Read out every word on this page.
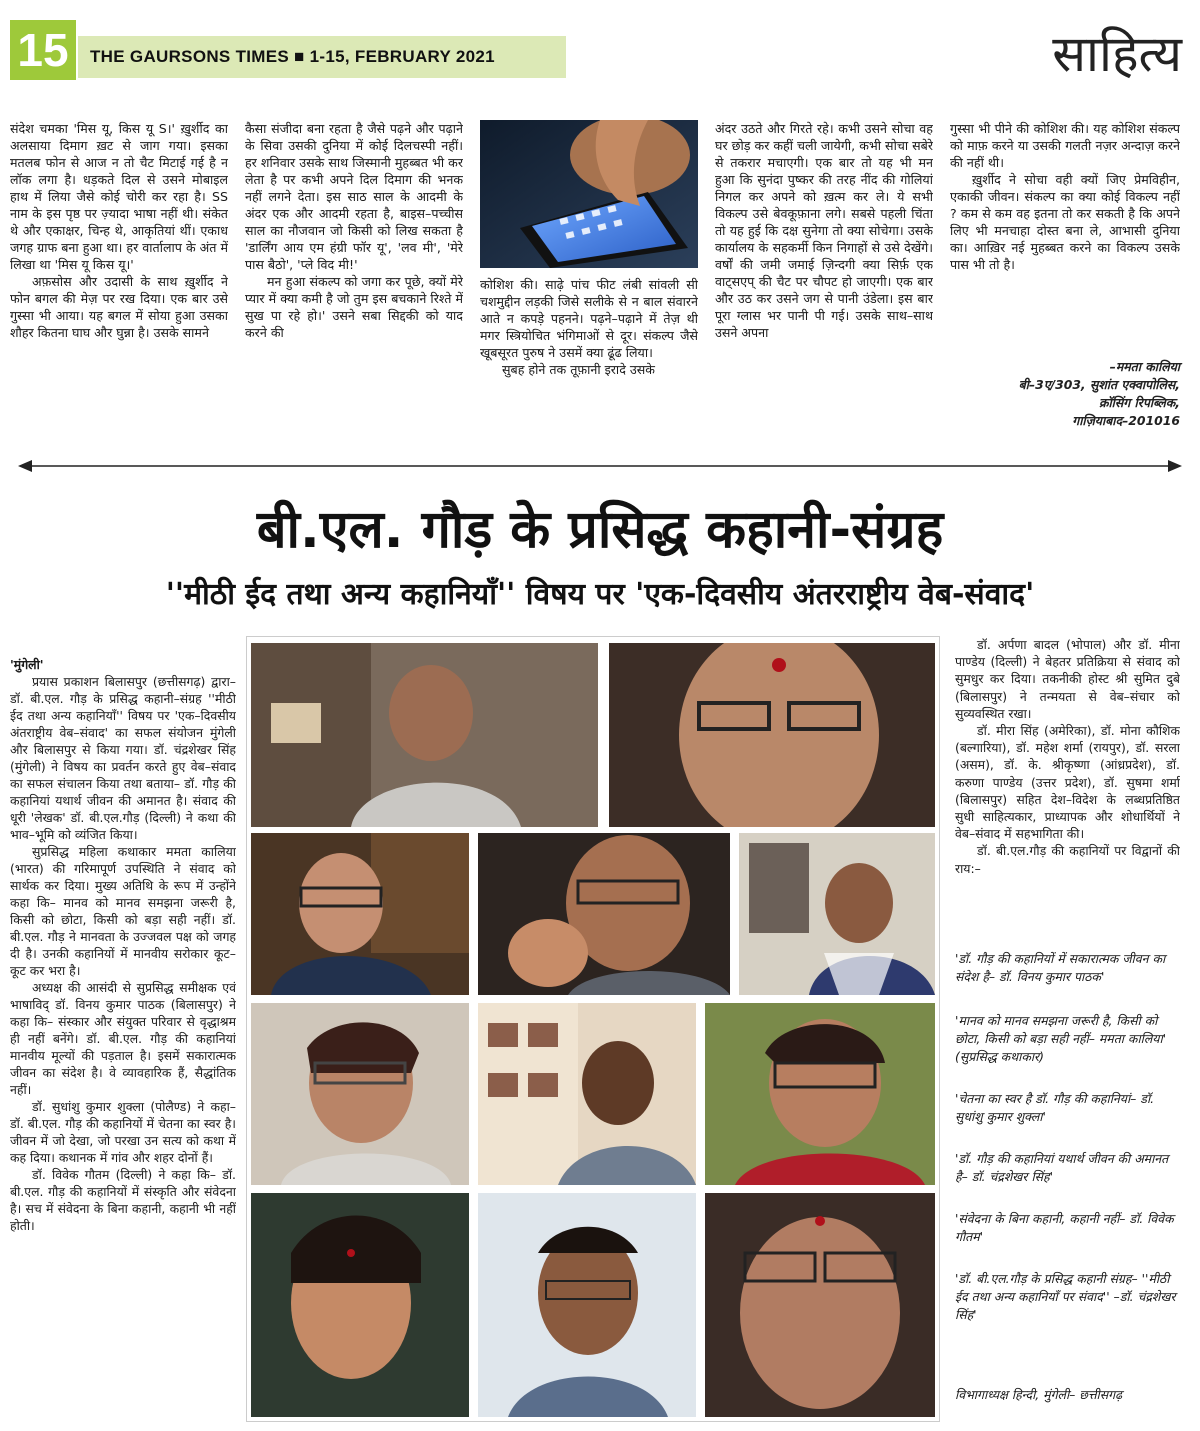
15	THE GAURSONS TIMES ■ 1-15, FEBRUARY 2021	साहित्य

संदेश चमका 'मिस यू, किस यू S।' ख़ुर्शीद का अलसाया दिमाग ख़ट से जाग गया। इसका मतलब फोन से आज न तो चैट मिटाई गई है न लॉक लगा है। धड़कते दिल से उसने मोबाइल हाथ में लिया जैसे कोई चोरी कर रहा है। SS नाम के इस पृष्ठ पर ज़्यादा भाषा नहीं थी। संकेत थे और एकाक्षर, चिन्ह थे, आकृतियां थीं। एकाध जगह ग्राफ बना हुआ था। हर वार्तालाप के अंत में लिखा था 'मिस यू किस यू।'

अफ़सोस और उदासी के साथ ख़ुर्शीद ने फोन बगल की मेज़ पर रख दिया। एक बार उसे गुस्सा भी आया। यह बगल में सोया हुआ उसका शौहर कितना घाघ और घुन्ना है। उसके सामने

कैसा संजीदा बना रहता है जैसे पढ़ने और पढ़ाने के सिवा उसकी दुनिया में कोई दिलचस्पी नहीं। हर शनिवार उसके साथ जिस्मानी मुहब्बत भी कर लेता है पर कभी अपने दिल दिमाग की भनक नहीं लगने देता। इस साठ साल के आदमी के अंदर एक और आदमी रहता है, बाइस–पच्चीस साल का नौजवान जो किसी को लिख सकता है 'डार्लिंग आय एम हंग्री फॉर यू', 'लव मी', 'मेरे पास बैठो', 'प्ले विद मी!'

मन हुआ संकल्प को जगा कर पूछे, क्यों मेरे प्यार में क्या कमी है जो तुम इस बचकाने रिश्ते में सुख पा रहे हो।' उसने सबा सिद्दकी को याद करने की

कोशिश की। साढ़े पांच फीट लंबी सांवली सी चशमुद्दीन लड़की जिसे सलीके से न बाल संवारने आते न कपड़े पहनने। पढ़ने–पढ़ाने में तेज़ थी मगर स्त्रियोचित भंगिमाओं से दूर। संकल्प जैसे खूबसूरत पुरुष ने उसमें क्या ढूंढ लिया।

सुबह होने तक तूफ़ानी इरादे उसके

अंदर उठते और गिरते रहे। कभी उसने सोचा वह घर छोड़ कर कहीं चली जायेगी, कभी सोचा सबेरे से तकरार मचाएगी। एक बार तो यह भी मन हुआ कि सुनंदा पुष्कर की तरह नींद की गोलियां निगल कर अपने को ख़त्म कर ले। ये सभी विकल्प उसे बेवकूफ़ाना लगे। सबसे पहली चिंता तो यह हुई कि दक्ष सुनेगा तो क्या सोचेगा। उसके कार्यालय के सहकर्मी किन निगाहों से उसे देखेंगे। वर्षों की जमी जमाई ज़िन्दगी क्या सिर्फ़ एक वाट्सएप् की चैट पर चौपट हो जाएगी। एक बार और उठ कर उसने जग से पानी उंडेला। इस बार पूरा ग्लास भर पानी पी गई। उसके साथ–साथ उसने अपना

गुस्सा भी पीने की कोशिश की। यह कोशिश संकल्प को माफ़ करने या उसकी गलती नज़र अन्दाज़ करने की नहीं थी।

ख़ुर्शीद ने सोचा वही क्यों जिए प्रेमविहीन, एकाकी जीवन। संकल्प का क्या कोई विकल्प नहीं ? कम से कम वह इतना तो कर सकती है कि अपने लिए भी मनचाहा दोस्त बना ले, आभासी दुनिया का। आख़िर नई मुहब्बत करने का विकल्प उसके पास भी तो है।

–ममता कालिया
बी–3ए/303, सुशांत एक्वापोलिस,
क्रॉसिंग रिपब्लिक,
गाज़ियाबाद–201016
बी.एल. गौड़ के प्रसिद्ध कहानी-संग्रह
''मीठी ईद तथा अन्य कहानियाँ'' विषय पर 'एक-दिवसीय अंतरराष्ट्रीय वेब-संवाद'

'मुंगेली'

प्रयास प्रकाशन बिलासपुर (छत्तीसगढ़) द्वारा– डॉ. बी.एल. गौड़ के प्रसिद्ध कहानी–संग्रह ''मीठी ईद तथा अन्य कहानियाँ'' विषय पर 'एक–दिवसीय अंतराष्ट्रीय वेब–संवाद' का सफल संयोजन मुंगेली और बिलासपुर से किया गया। डॉ. चंद्रशेखर सिंह (मुंगेली) ने विषय का प्रवर्तन करते हुए वेब–संवाद का सफल संचालन किया तथा बताया– डॉ. गौड़ की कहानियां यथार्थ जीवन की अमानत है। संवाद की धूरी 'लेखक' डॉ. बी.एल.गौड़ (दिल्ली) ने कथा की भाव–भूमि को व्यंजित किया।

सुप्रसिद्ध महिला कथाकार ममता कालिया (भारत) की गरिमापूर्ण उपस्थिति ने संवाद को सार्थक कर दिया। मुख्य अतिथि के रूप में उन्होंने कहा कि– मानव को मानव समझना जरूरी है, किसी को छोटा, किसी को बड़ा सही नहीं। डॉ. बी.एल. गौड़ ने मानवता के उज्जवल पक्ष को जगह दी है। उनकी कहानियों में मानवीय सरोकार कूट–कूट कर भरा है।

अध्यक्ष की आसंदी से सुप्रसिद्ध समीक्षक एवं भाषाविद् डॉ. विनय कुमार पाठक (बिलासपुर) ने कहा कि– संस्कार और संयुक्त परिवार से वृद्धाश्रम ही नहीं बनेंगे। डॉ. बी.एल. गौड़ की कहानियां मानवीय मूल्यों की पड़ताल है। इसमें सकारात्मक जीवन का संदेश है। वे व्यावहारिक हैं, सैद्धांतिक नहीं।

डॉ. सुधांशु कुमार शुक्ला (पोलैण्ड) ने कहा– डॉ. बी.एल. गौड़ की कहानियों में चेतना का स्वर है। जीवन में जो देखा, जो परखा उन सत्य को कथा में कह दिया। कथानक में गांव और शहर दोनों हैं।

डॉ. विवेक गौतम (दिल्ली) ने कहा कि– डॉ. बी.एल. गौड़ की कहानियों में संस्कृति और संवेदना है। सच में संवेदना के बिना कहानी, कहानी भी नहीं होती।

डॉ. अर्पणा बादल (भोपाल) और डॉ. मीना पाण्डेय (दिल्ली) ने बेहतर प्रतिक्रिया से संवाद को सुमधुर कर दिया। तकनीकी होस्ट श्री सुमित दुबे (बिलासपुर) ने तन्मयता से वेब–संचार को सुव्यवस्थित रखा।

डॉ. मीरा सिंह (अमेरिका), डॉ. मोना कौशिक (बल्गारिया), डॉ. महेश शर्मा (रायपुर), डॉ. सरला (असम), डॉ. के. श्रीकृष्णा (आंध्रप्रदेश), डॉ. करुणा पाण्डेय (उत्तर प्रदेश), डॉ. सुषमा शर्मा (बिलासपुर) सहित देश–विदेश के लब्धप्रतिष्ठित सुधी साहित्यकार, प्राध्यापक और शोधार्थियों ने वेब–संवाद में सहभागिता की।

डॉ. बी.एल.गौड़ की कहानियों पर विद्वानों की राय:–

'डॉ. गौड़ की कहानियों में सकारात्मक जीवन का संदेश है– डॉ. विनय कुमार पाठक'
'मानव को मानव समझना जरूरी है, किसी को छोटा, किसी को बड़ा सही नहीं– ममता कालिया' (सुप्रसिद्ध कथाकार)
'चेतना का स्वर है डॉ. गौड़ की कहानियां– डॉ. सुधांशु कुमार शुक्ला'
'डॉ. गौड़ की कहानियां यथार्थ जीवन की अमानत है– डॉ. चंद्रशेखर सिंह'
'संवेदना के बिना कहानी, कहानी नहीं– डॉ. विवेक गौतम'
'डॉ. बी.एल.गौड़ के प्रसिद्ध कहानी संग्रह– ''मीठी ईद तथा अन्य कहानियाँ पर संवाद'' –डॉ. चंद्रशेखर सिंह'
विभागाध्यक्ष हिन्दी, मुंगेली– छत्तीसगढ़
